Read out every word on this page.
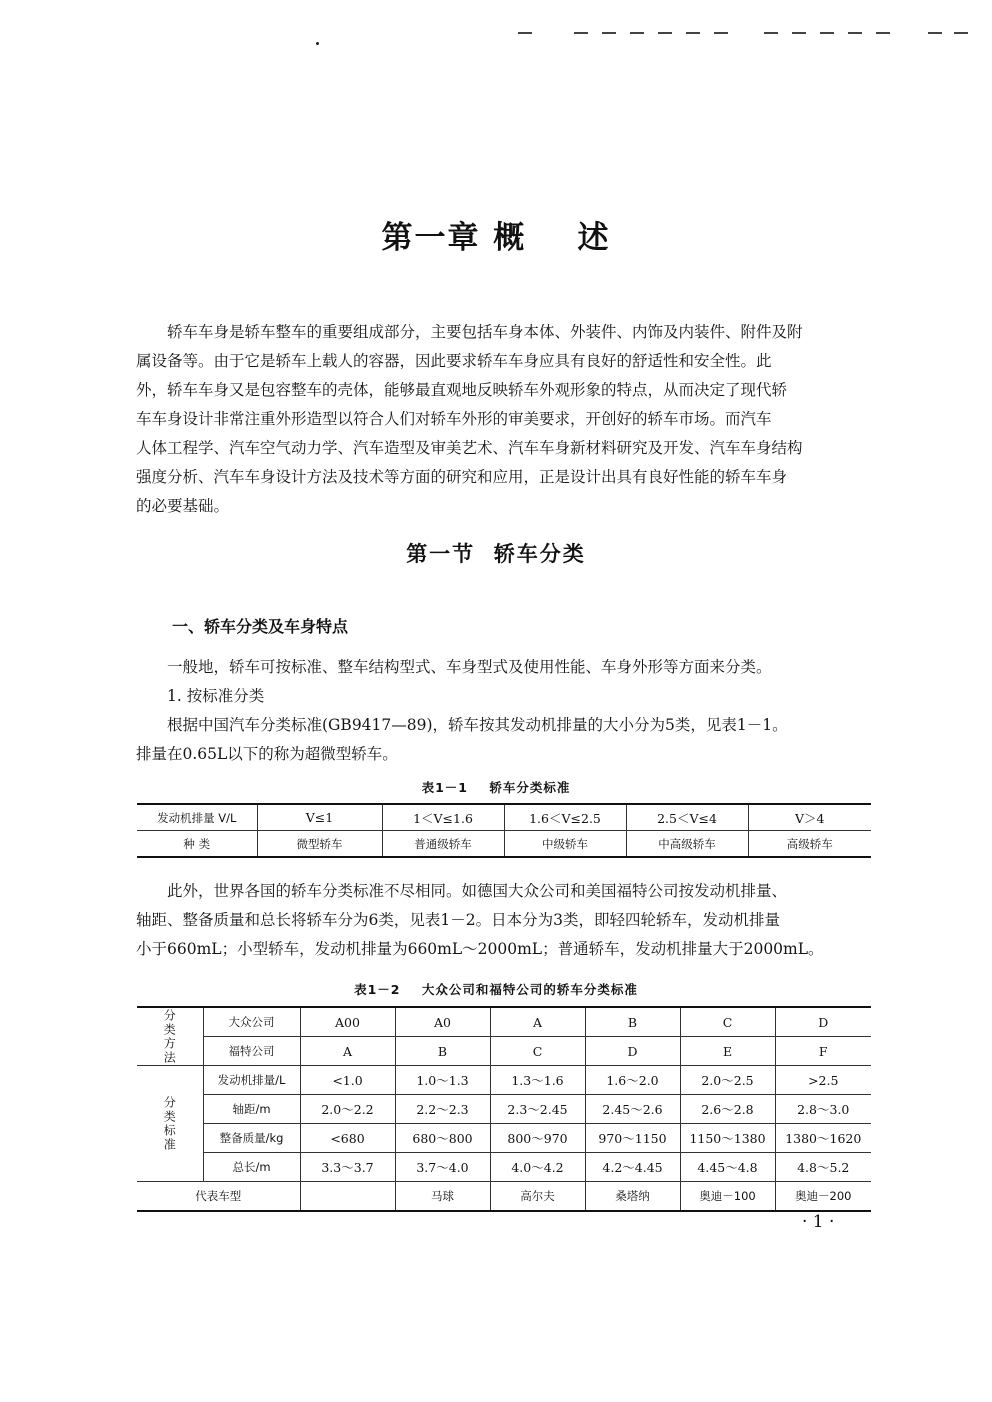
第一章 概    述
轿车车身是轿车整车的重要组成部分，主要包括车身本体、外装件、内饰及内装件、附件及附
属设备等。由于它是轿车上载人的容器，因此要求轿车车身应具有良好的舒适性和安全性。此
外，轿车车身又是包容整车的壳体，能够最直观地反映轿车外观形象的特点，从而决定了现代轿
车车身设计非常注重外形造型以符合人们对轿车外形的审美要求，开创好的轿车市场。而汽车
人体工程学、汽车空气动力学、汽车造型及审美艺术、汽车车身新材料研究及开发、汽车车身结构
强度分析、汽车车身设计方法及技术等方面的研究和应用，正是设计出具有良好性能的轿车车身
的必要基础。
第一节  轿车分类
一、轿车分类及车身特点
一般地，轿车可按标准、整车结构型式、车身型式及使用性能、车身外形等方面来分类。
1. 按标准分类
根据中国汽车分类标准(GB9417—89)，轿车按其发动机排量的大小分为5类，见表1－1。
排量在0.65L以下的称为超微型轿车。
表1－1    轿车分类标准
发动机排量 V/L	V≤1	1＜V≤1.6	1.6＜V≤2.5	2.5＜V≤4	V＞4
种 类	微型轿车	普通级轿车	中级轿车	中高级轿车	高级轿车
此外，世界各国的轿车分类标准不尽相同。如德国大众公司和美国福特公司按发动机排量、
轴距、整备质量和总长将轿车分为6类，见表1－2。日本分为3类，即轻四轮轿车，发动机排量
小于660mL；小型轿车，发动机排量为660mL～2000mL；普通轿车，发动机排量大于2000mL。
表1－2    大众公司和福特公司的轿车分类标准
分类方法	大众公司	A00	A0	A	B	C	D
	福特公司	A	B	C	D	E	F
分类标准	发动机排量/L	<1.0	1.0～1.3	1.3～1.6	1.6～2.0	2.0～2.5	>2.5
	轴距/m	2.0～2.2	2.2～2.3	2.3～2.45	2.45～2.6	2.6～2.8	2.8～3.0
	整备质量/kg	<680	680～800	800～970	970～1150	1150～1380	1380～1620
	总长/m	3.3～3.7	3.7～4.0	4.0～4.2	4.2～4.45	4.45～4.8	4.8～5.2
代表车型			马球	高尔夫	桑塔纳	奥迪－100	奥迪－200
· 1 ·
